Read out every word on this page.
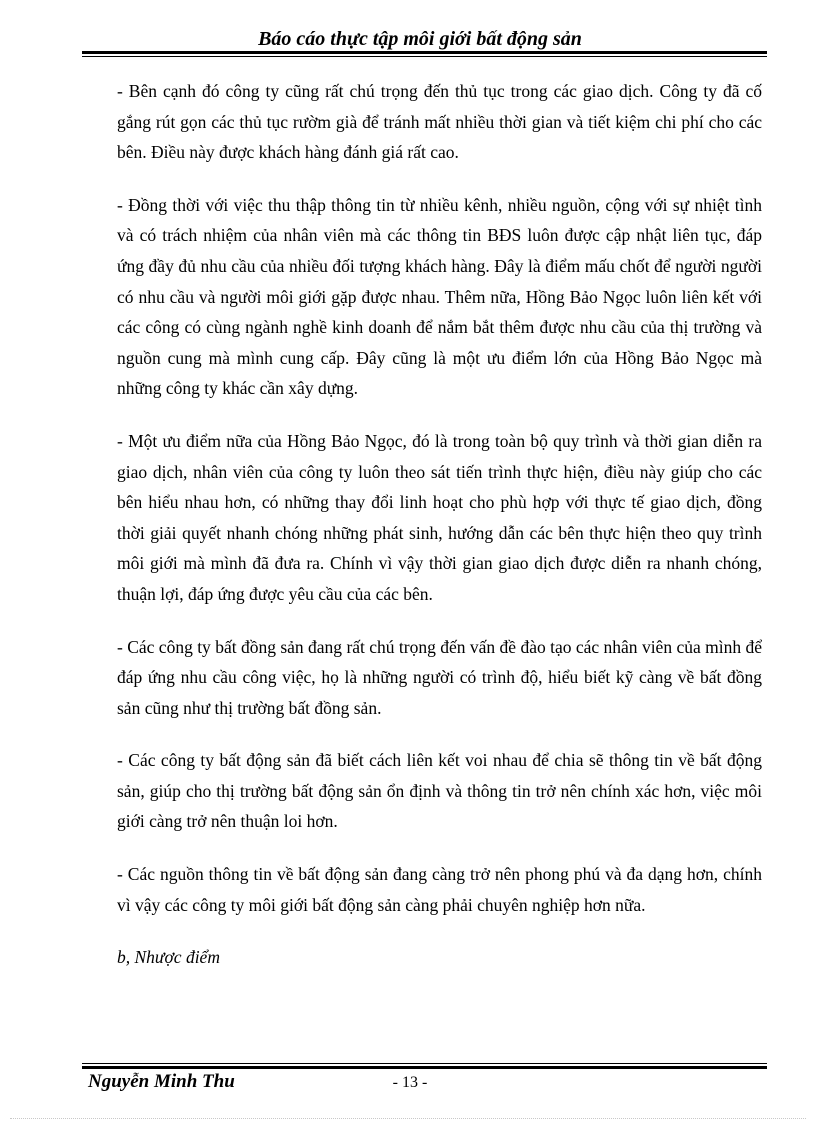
Báo cáo thực tập môi giới bất động sản

- Bên cạnh đó công ty cũng rất chú trọng đến thủ tục trong các giao dịch. Công ty đã cố gắng rút gọn các thủ tục rườm già để tránh mất nhiều thời gian và tiết kiệm chi phí cho các bên. Điều này được khách hàng đánh giá rất cao.

- Đồng thời với việc thu thập thông tin từ nhiều kênh, nhiều nguồn, cộng với sự nhiệt tình và có trách nhiệm của nhân viên mà các thông tin BĐS luôn được cập nhật liên tục, đáp ứng đầy đủ nhu cầu của nhiều đối tượng khách hàng. Đây là điểm mấu chốt để người người có nhu cầu và người môi giới gặp được nhau. Thêm nữa, Hồng Bảo Ngọc luôn liên kết với các công có cùng ngành nghề kinh doanh để nắm bắt thêm được nhu cầu của thị trường và nguồn cung mà mình cung cấp. Đây cũng là một ưu điểm lớn của Hồng Bảo Ngọc mà những công ty khác cần xây dựng.

- Một ưu điểm nữa của Hồng Bảo Ngọc, đó là trong toàn bộ quy trình và thời gian diễn ra giao dịch, nhân viên của công ty luôn theo sát tiến trình thực hiện, điều này giúp cho các bên hiểu nhau hơn, có những thay đổi linh hoạt cho phù hợp với thực tế giao dịch, đồng thời giải quyết nhanh chóng những phát sinh, hướng dẫn các bên thực hiện theo quy trình môi giới mà mình đã đưa ra. Chính vì vậy thời gian giao dịch được diễn ra nhanh chóng, thuận lợi, đáp ứng được yêu cầu của các bên.

- Các công ty bất đồng sản đang rất chú trọng đến vấn đề đào tạo các nhân viên của mình để đáp ứng nhu cầu công việc, họ là những người có trình độ, hiểu biết kỹ càng về bất đồng sản cũng như thị trường bất đồng sản.

- Các công ty bất động sản đã biết cách liên kết voi nhau để chia sẽ thông tin về bất động sản, giúp cho thị trường bất động sản ổn định và thông tin trở nên chính xác hơn, việc môi giới càng trở nên thuận loi hơn.

- Các nguồn thông tin về bất động sản đang càng trở nên phong phú và đa dạng hơn, chính vì vậy các công ty môi giới bất động sản càng phải chuyên nghiệp hơn nữa.

b, Nhược điểm

Nguyễn Minh Thu	- 13 -
